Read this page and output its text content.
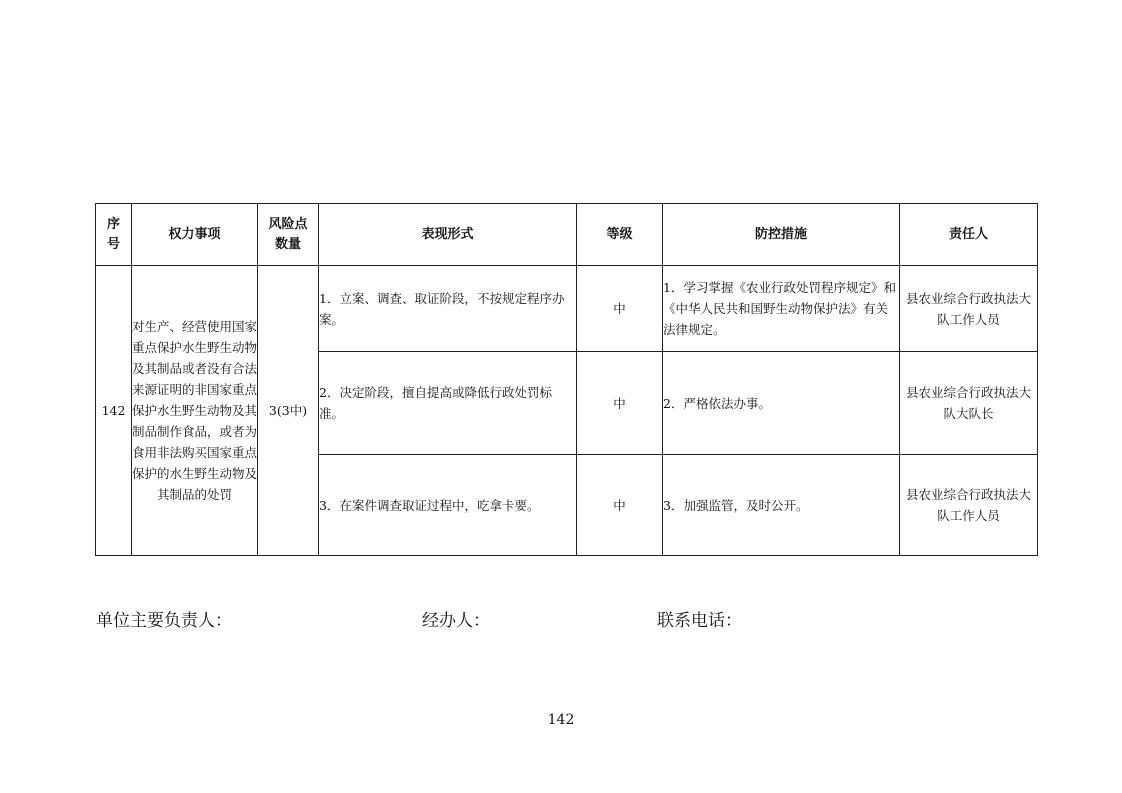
序号	权力事项	风险点数量	表现形式	等级	防控措施	责任人
142	对生产、经营使用国家重点保护水生野生动物及其制品或者没有合法来源证明的非国家重点保护水生野生动物及其制品制作食品，或者为食用非法购买国家重点保护的水生野生动物及其制品的处罚	3(3中)	1．立案、调查、取证阶段，不按规定程序办案。	中	1．学习掌握《农业行政处罚程序规定》和《中华人民共和国野生动物保护法》有关法律规定。	县农业综合行政执法大队工作人员
			2．决定阶段，擅自提高或降低行政处罚标准。	中	2．严格依法办事。	县农业综合行政执法大队大队长
			3．在案件调查取证过程中，吃拿卡要。	中	3．加强监管，及时公开。	县农业综合行政执法大队工作人员
单位主要负责人：	经办人：	联系电话：
142
